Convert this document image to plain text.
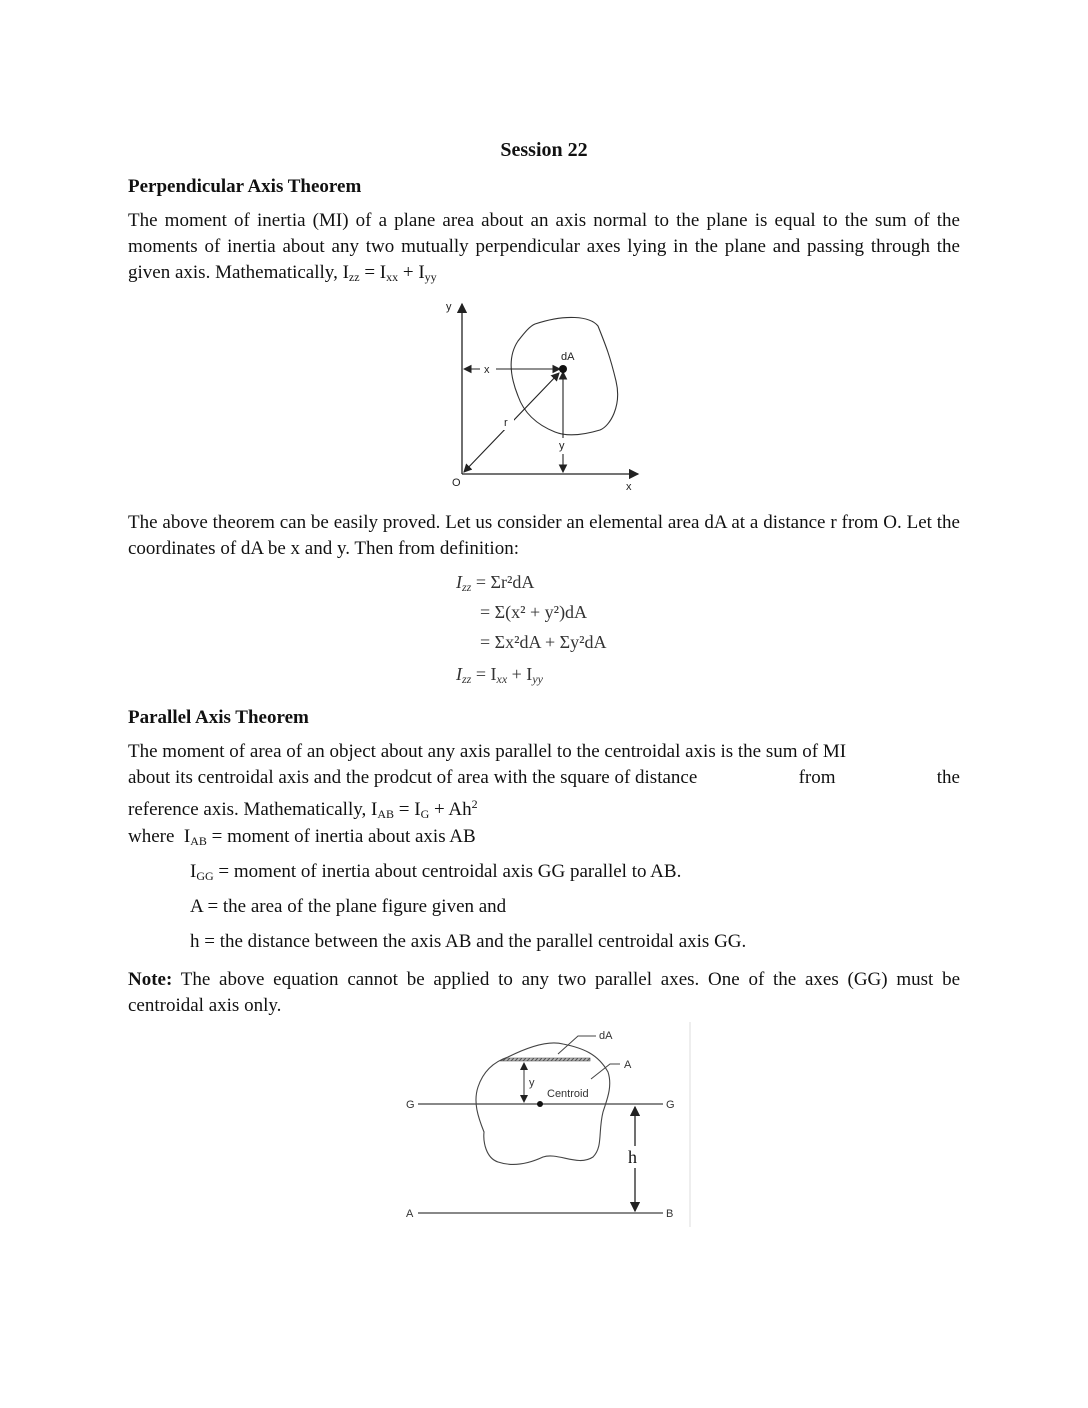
Session 22
Perpendicular Axis Theorem
The moment of inertia (MI) of a plane area about an axis normal to the plane is equal to the sum of the moments of inertia about any two mutually perpendicular axes lying in the plane and passing through the given axis. Mathematically, $I_{zz} = I_{xx} + I_{yy}$
dA
x
y
r
y
x
O
The above theorem can be easily proved. Let us consider an elemental area dA at a distance r from O. Let the coordinates of dA be x and y. Then from definition:
$I_{zz} = \Sigma r^2dA$
= Σ(x² + y²)dA
= Σx²dA + Σy²dA
$I_{zz} = I_{xx} + I_{yy}$
Parallel Axis Theorem
The moment of area of an object about any axis parallel to the centroidal axis is the sum of MI
about its centroidal axis and the prodcut of area with the square of distance	from	the
reference axis. Mathematically, $I_{AB} = I_G + Ah^2$
where $I_{AB}$ = moment of inertia about axis AB
$I_{GG}$ = moment of inertia about centroidal axis GG parallel to AB.
A = the area of the plane figure given and
h = the distance between the axis AB and the parallel centroidal axis GG.
Note: The above equation cannot be applied to any two parallel axes. One of the axes (GG) must be centroidal axis only.
dA
A
y
Centroid
h
G	G
A	B
